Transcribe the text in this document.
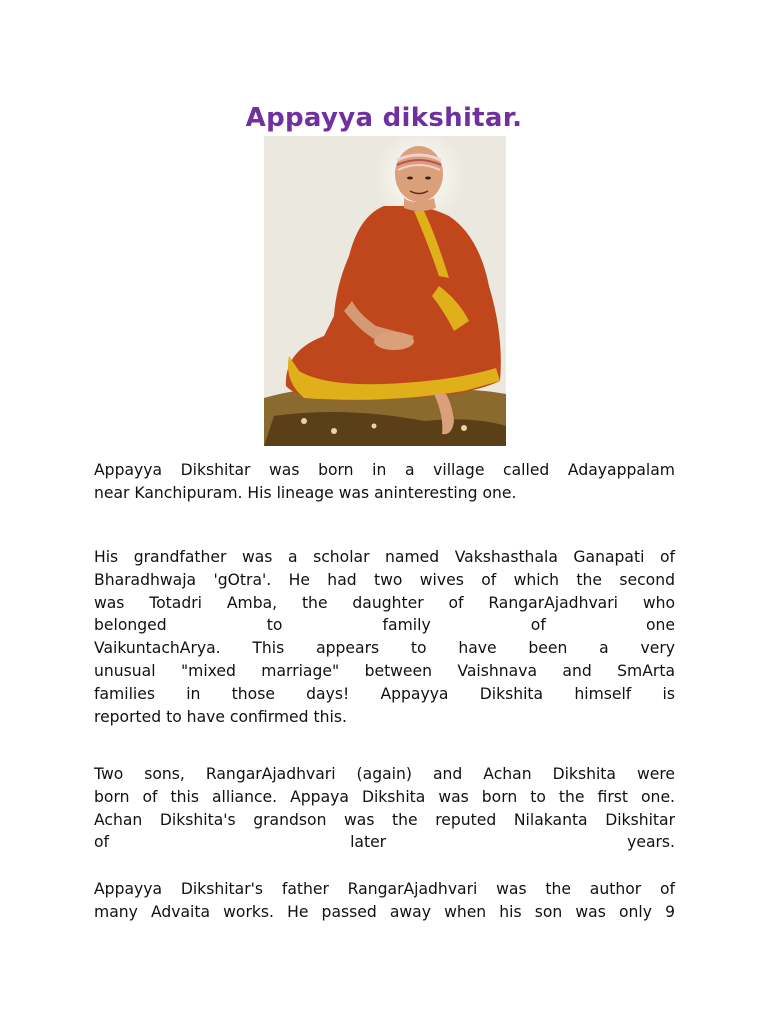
Appayya dikshitar.
Appayya Dikshitar was born in a village called Adayappalam
near Kanchipuram. His lineage was aninteresting one.
His grandfather was a scholar named Vakshasthala Ganapati of
Bharadhwaja 'gOtra'. He had two wives of which the second
was Totadri Amba, the daughter of RangarAjadhvari who
belonged to family of one
VaikuntachArya. This appears to have been a very
unusual "mixed marriage" between Vaishnava and SmArta
families in those days! Appayya Dikshita himself is
reported to have confirmed this.
Two sons, RangarAjadhvari (again) and Achan Dikshita were
born of this alliance. Appaya Dikshita was born to the first one.
Achan Dikshita's grandson was the reputed Nilakanta Dikshitar
of later years.
Appayya Dikshitar's father RangarAjadhvari was the author of
many Advaita works. He passed away when his son was only 9
